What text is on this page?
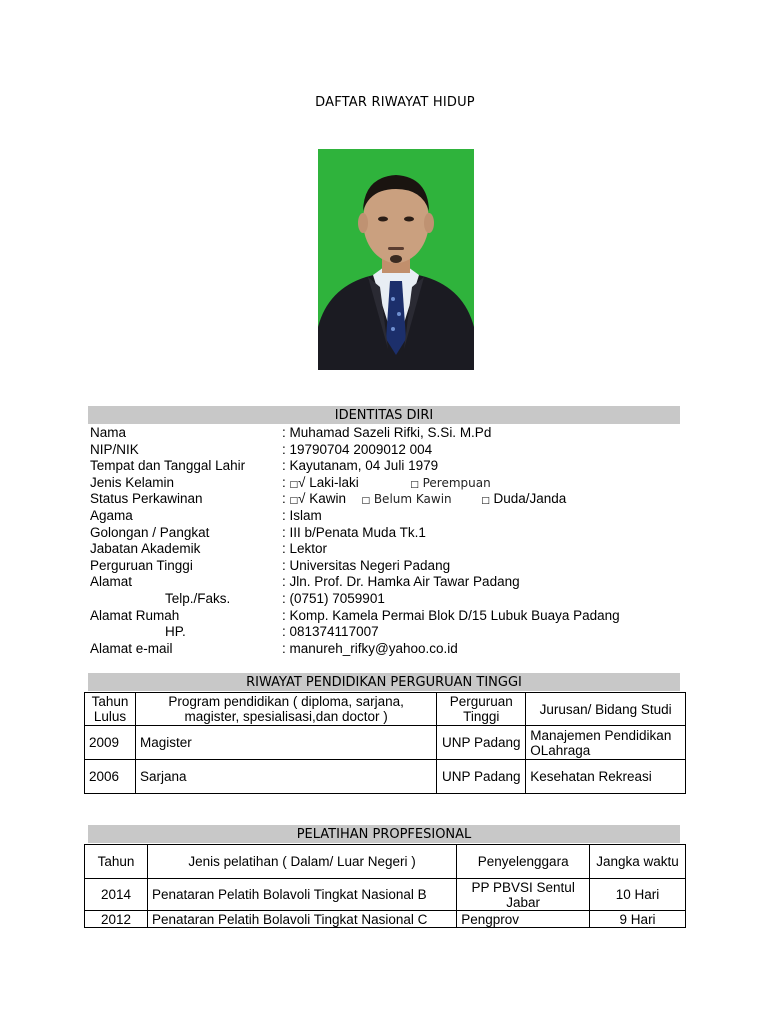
DAFTAR RIWAYAT HIDUP
IDENTITAS DIRI
Nama	: Muhamad Sazeli Rifki, S.Si. M.Pd
NIP/NIK	: 19790704 2009012 004
Tempat dan Tanggal Lahir	: Kayutanam, 04 Juli 1979
Jenis Kelamin	: □√ Laki-laki	□ Perempuan
Status Perkawinan	: □√ Kawin □ Belum Kawin	□ Duda/Janda
Agama	: Islam
Golongan / Pangkat	: III b/Penata Muda Tk.1
Jabatan Akademik	: Lektor
Perguruan Tinggi	: Universitas Negeri Padang
Alamat	: Jln. Prof. Dr. Hamka Air Tawar Padang
Telp./Faks.	: (0751) 7059901
Alamat Rumah	: Komp. Kamela Permai Blok D/15 Lubuk Buaya Padang
HP.	: 081374117007
Alamat e-mail	: manureh_rifky@yahoo.co.id
RIWAYAT PENDIDIKAN PERGURUAN TINGGI
Tahun Lulus	Program pendidikan ( diploma, sarjana, magister, spesialisasi,dan doctor )	Perguruan Tinggi	Jurusan/ Bidang Studi
2009	Magister	UNP Padang	Manajemen Pendidikan OLahraga
2006	Sarjana	UNP Padang	Kesehatan Rekreasi
PELATIHAN PROPFESIONAL
Tahun	Jenis pelatihan ( Dalam/ Luar Negeri )	Penyelenggara	Jangka waktu
2014	Penataran Pelatih Bolavoli Tingkat Nasional B	PP PBVSI Sentul Jabar	10 Hari
2012	Penataran Pelatih Bolavoli Tingkat Nasional C	Pengprov	9 Hari
